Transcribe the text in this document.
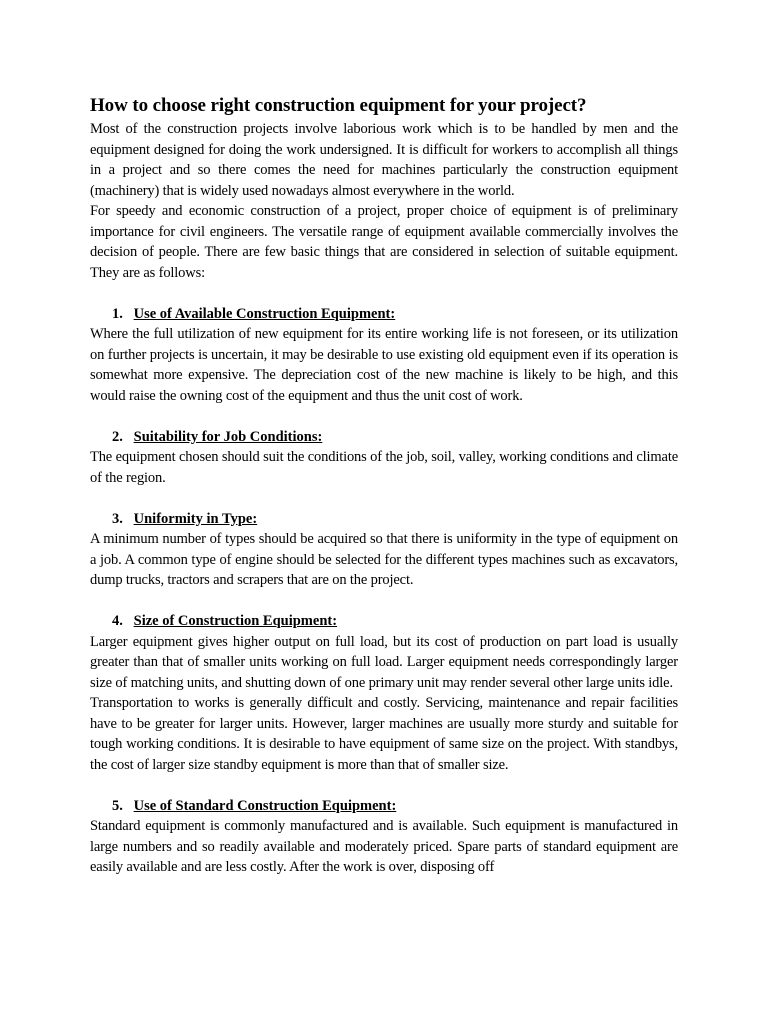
How to choose right construction equipment for your project?

Most of the construction projects involve laborious work which is to be handled by men and the equipment designed for doing the work undersigned. It is difficult for workers to accomplish all things in a project and so there comes the need for machines particularly the construction equipment (machinery) that is widely used nowadays almost everywhere in the world.

For speedy and economic construction of a project, proper choice of equipment is of preliminary importance for civil engineers. The versatile range of equipment available commercially involves the decision of people. There are few basic things that are considered in selection of suitable equipment. They are as follows:

1. Use of Available Construction Equipment:

Where the full utilization of new equipment for its entire working life is not foreseen, or its utilization on further projects is uncertain, it may be desirable to use existing old equipment even if its operation is somewhat more expensive. The depreciation cost of the new machine is likely to be high, and this would raise the owning cost of the equipment and thus the unit cost of work.

2. Suitability for Job Conditions:

The equipment chosen should suit the conditions of the job, soil, valley, working conditions and climate of the region.

3. Uniformity in Type:

A minimum number of types should be acquired so that there is uniformity in the type of equipment on a job. A common type of engine should be selected for the different types machines such as excavators, dump trucks, tractors and scrapers that are on the project.

4. Size of Construction Equipment:

Larger equipment gives higher output on full load, but its cost of production on part load is usually greater than that of smaller units working on full load. Larger equipment needs correspondingly larger size of matching units, and shutting down of one primary unit may render several other large units idle.

Transportation to works is generally difficult and costly. Servicing, maintenance and repair facilities have to be greater for larger units. However, larger machines are usually more sturdy and suitable for tough working conditions. It is desirable to have equipment of same size on the project. With standbys, the cost of larger size standby equipment is more than that of smaller size.

5. Use of Standard Construction Equipment:

Standard equipment is commonly manufactured and is available. Such equipment is manufactured in large numbers and so readily available and moderately priced. Spare parts of standard equipment are easily available and are less costly. After the work is over, disposing off
